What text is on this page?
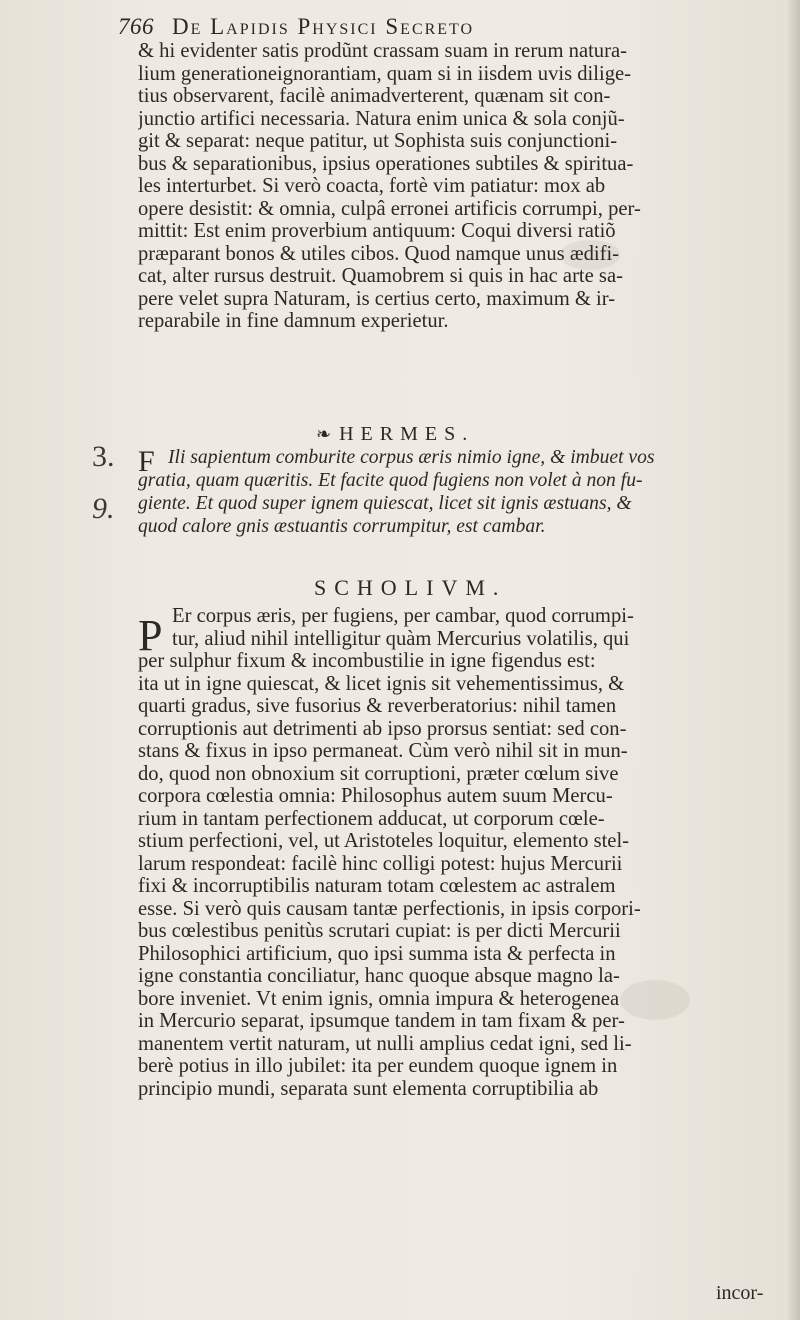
766 De Lapidis Physici Secreto
& hi evidenter satis prodũnt crassam suam in rerum natura-
lium generationeignorantiam, quam si in iisdem uvis dilige-
tius observarent, facilè animadverterent, quænam sit con-
junctio artifici necessaria. Natura enim unica & sola conjũ-
git & separat: neque patitur, ut Sophista suis conjunctioni-
bus & separationibus, ipsius operationes subtiles & spiritua-
les interturbet. Si verò coacta, fortè vim patiatur: mox ab
opere desistit: & omnia, culpâ erronei artificis corrumpi, per-
mittit: Est enim proverbium antiquum: Coqui diversi ratiõ
præparant bonos & utiles cibos. Quod namque unus ædifi-
cat, alter rursus destruit. Quamobrem si quis in hac arte sa-
pere velet supra Naturam, is certius certo, maximum & ir-
reparabile in fine damnum experietur.
❧ HERMES.
3.
9.
F Ili sapientum comburite corpus æris nimio igne, & imbuet vos
gratia, quam quæritis. Et facite quod fugiens non volet à non fu-
giente. Et quod super ignem quiescat, licet sit ignis æstuans, &
quod calore gnis æstuantis corrumpitur, est cambar.
SCHOLIVM.
P Er corpus æris, per fugiens, per cambar, quod corrumpi-
tur, aliud nihil intelligitur quàm Mercurius volatilis, qui
per sulphur fixum & incombustilie in igne figendus est:
ita ut in igne quiescat, & licet ignis sit vehementissimus, &
quarti gradus, sive fusorius & reverberatorius: nihil tamen
corruptionis aut detrimenti ab ipso prorsus sentiat: sed con-
stans & fixus in ipso permaneat. Cùm verò nihil sit in mun-
do, quod non obnoxium sit corruptioni, præter cœlum sive
corpora cœlestia omnia: Philosophus autem suum Mercu-
rium in tantam perfectionem adducat, ut corporum cœle-
stium perfectioni, vel, ut Aristoteles loquitur, elemento stel-
larum respondeat: facilè hinc colligi potest: hujus Mercurii
fixi & incorruptibilis naturam totam cœlestem ac astralem
esse. Si verò quis causam tantæ perfectionis, in ipsis corpori-
bus cœlestibus penitùs scrutari cupiat: is per dicti Mercurii
Philosophici artificium, quo ipsi summa ista & perfecta in
igne constantia conciliatur, hanc quoque absque magno la-
bore inveniet. Vt enim ignis, omnia impura & heterogenea
in Mercurio separat, ipsumque tandem in tam fixam & per-
manentem vertit naturam, ut nulli amplius cedat igni, sed li-
berè potius in illo jubilet: ita per eundem quoque ignem in
principio mundi, separata sunt elementa corruptibilia ab
incor-
